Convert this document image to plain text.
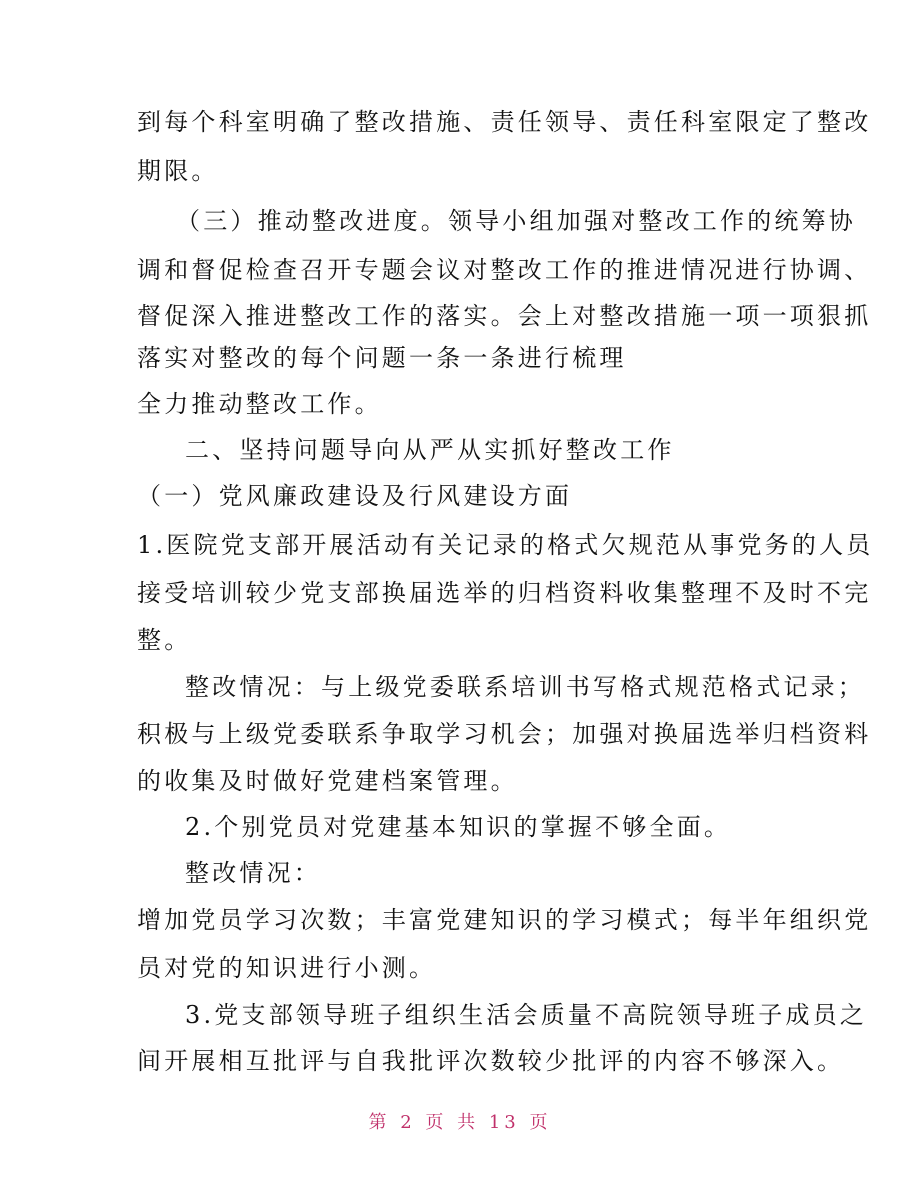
到每个科室明确了整改措施、责任领导、责任科室限定了整改
期限。
（三）推动整改进度。领导小组加强对整改工作的统筹协
调和督促检查召开专题会议对整改工作的推进情况进行协调、
督促深入推进整改工作的落实。会上对整改措施一项一项狠抓
落实对整改的每个问题一条一条进行梳理
全力推动整改工作。
二、坚持问题导向从严从实抓好整改工作
（一）党风廉政建设及行风建设方面
1.医院党支部开展活动有关记录的格式欠规范从事党务的人员
接受培训较少党支部换届选举的归档资料收集整理不及时不完
整。
整改情况：与上级党委联系培训书写格式规范格式记录；
积极与上级党委联系争取学习机会；加强对换届选举归档资料
的收集及时做好党建档案管理。
2.个别党员对党建基本知识的掌握不够全面。
整改情况：
增加党员学习次数；丰富党建知识的学习模式；每半年组织党
员对党的知识进行小测。
3.党支部领导班子组织生活会质量不高院领导班子成员之
间开展相互批评与自我批评次数较少批评的内容不够深入。
第 2 页 共 13 页
